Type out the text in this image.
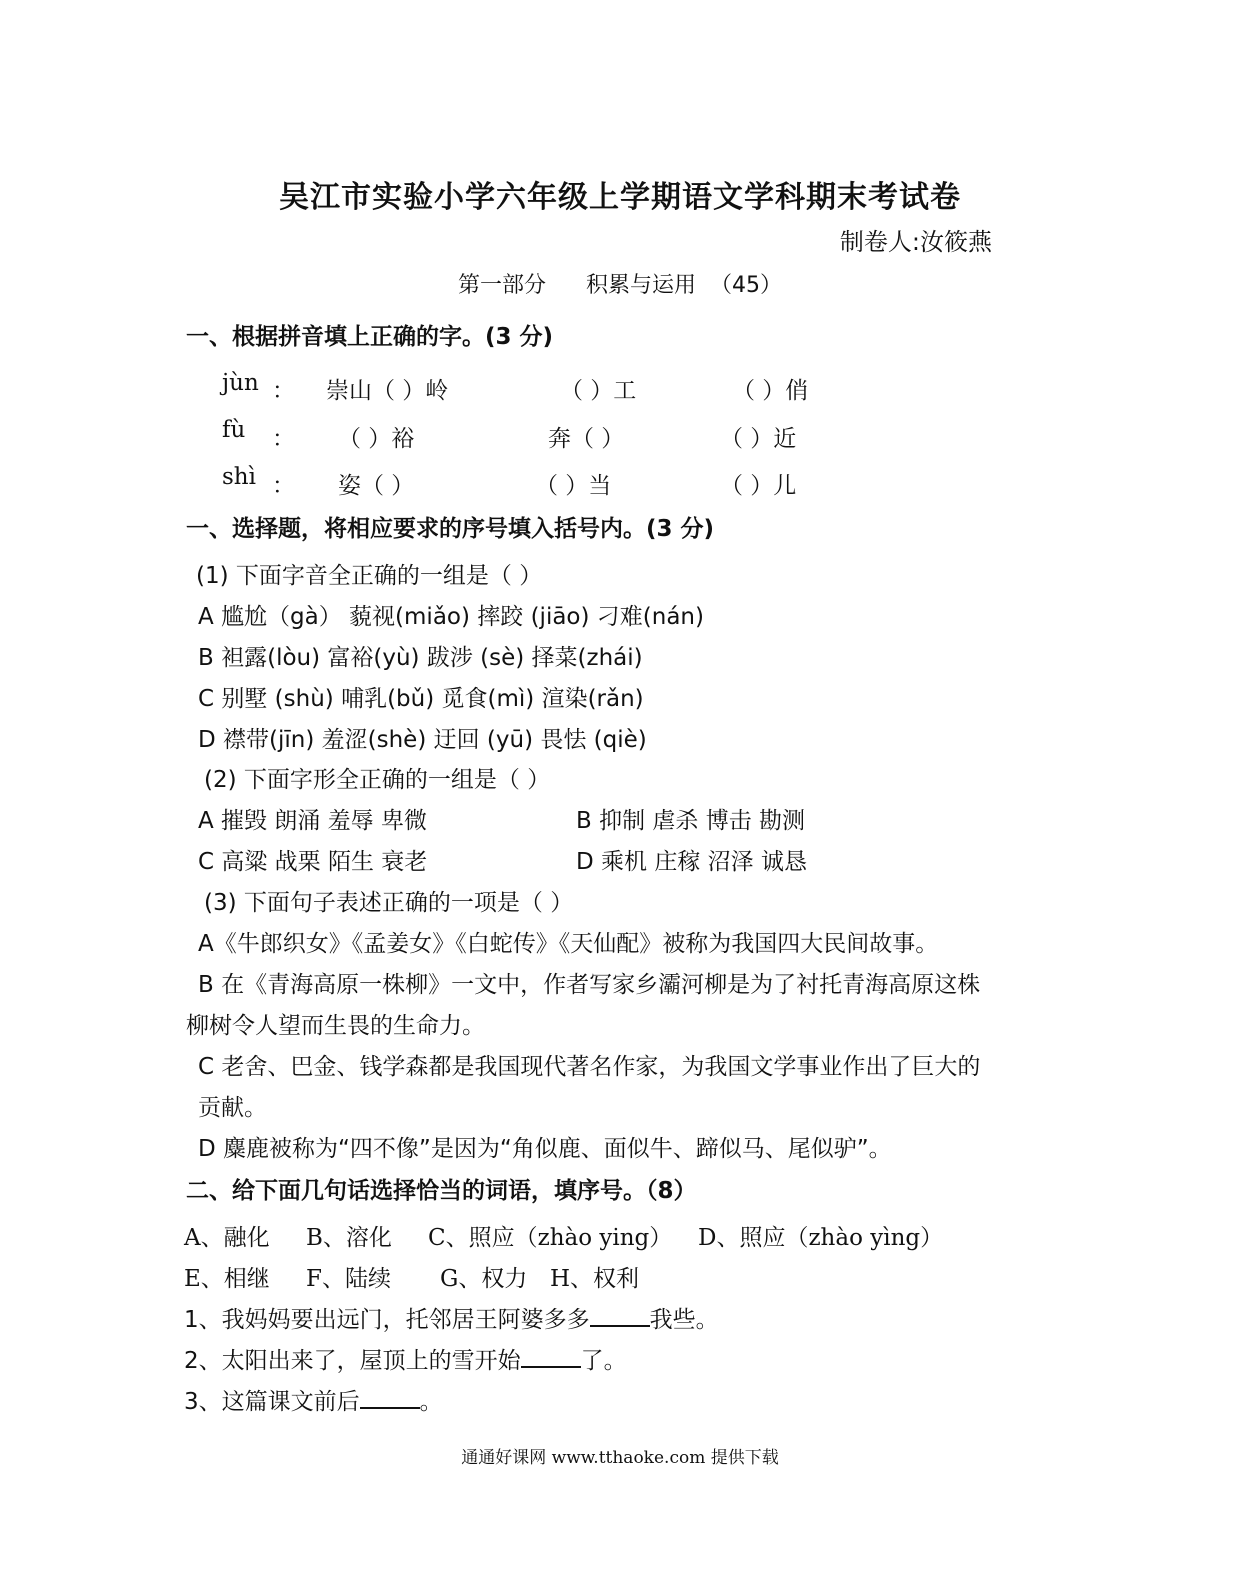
吴江市实验小学六年级上学期语文学科期末考试卷
制卷人:汝筱燕
第一部分 积累与运用 （45）
一、根据拼音填上正确的字。(3 分)
jùn ： 崇山（ ）岭	（ ）工	（ ）俏
fù	： （ ）裕	奔（ ）	（ ）近
shì ： 姿（ ）	（ ）当	（ ）儿
一、选择题，将相应要求的序号填入括号内。(3 分)
(1) 下面字音全正确的一组是（ ）
A 尴尬（gà） 藐视(miǎo) 摔跤 (jiāo) 刁难(nán)
B 袒露(lòu) 富裕(yù) 跋涉 (sè) 择菜(zhái)
C 别墅 (shù) 哺乳(bǔ) 觅食(mì) 渲染(rǎn)
D 襟带(jīn) 羞涩(shè) 迂回 (yū) 畏怯 (qiè)
(2) 下面字形全正确的一组是（ ）
A 摧毁 朗涌 羞辱 卑微	B 抑制 虐杀 博击 勘测
C 高粱 战栗 陌生 衰老	D 乘机 庄稼 沼泽 诚恳
(3) 下面句子表述正确的一项是（ ）
A《牛郎织女》《孟姜女》《白蛇传》《天仙配》被称为我国四大民间故事。
B 在《青海高原一株柳》一文中，作者写家乡灞河柳是为了衬托青海高原这株
柳树令人望而生畏的生命力。
C 老舍、巴金、钱学森都是我国现代著名作家，为我国文学事业作出了巨大的
贡献。
D 麋鹿被称为“四不像”是因为“角似鹿、面似牛、蹄似马、尾似驴”。
二、给下面几句话选择恰当的词语，填序号。（8）
A、融化 B、溶化 C、照应（zhào ying） D、照应（zhào yìng）
E、相继 F、陆续 G、权力 H、权利
1、我妈妈要出远门，托邻居王阿婆多多	我些。
2、太阳出来了，屋顶上的雪开始	了。
3、这篇课文前后	。
通通好课网 www.tthaoke.com 提供下载
